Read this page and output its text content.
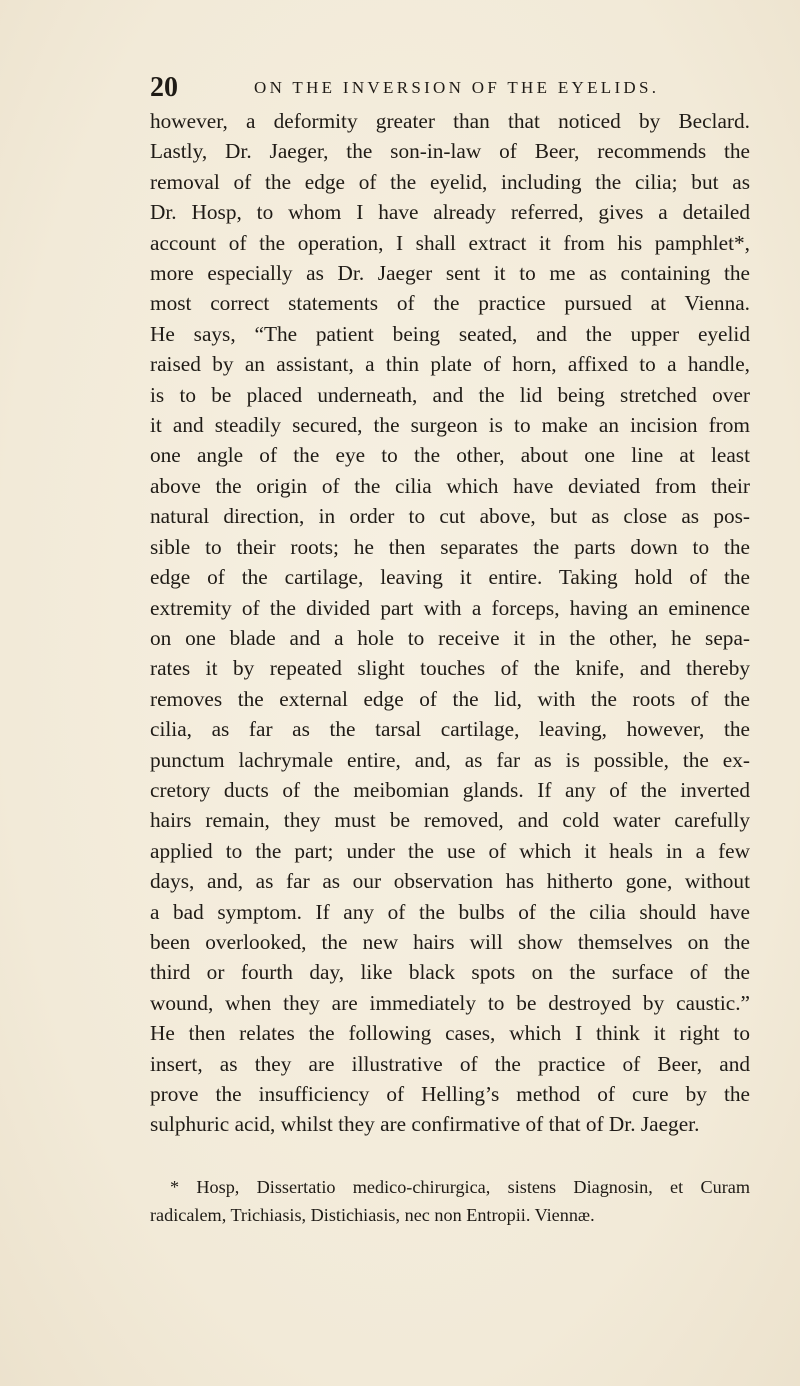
20	ON THE INVERSION OF THE EYELIDS.
however, a deformity greater than that noticed by Beclard.
Lastly, Dr. Jaeger, the son-in-law of Beer, recommends the
removal of the edge of the eyelid, including the cilia; but as
Dr. Hosp, to whom I have already referred, gives a detailed
account of the operation, I shall extract it from his pamphlet*,
more especially as Dr. Jaeger sent it to me as containing the
most correct statements of the practice pursued at Vienna.
He says, “The patient being seated, and the upper eyelid
raised by an assistant, a thin plate of horn, affixed to a handle,
is to be placed underneath, and the lid being stretched over
it and steadily secured, the surgeon is to make an incision from
one angle of the eye to the other, about one line at least
above the origin of the cilia which have deviated from their
natural direction, in order to cut above, but as close as pos-
sible to their roots; he then separates the parts down to the
edge of the cartilage, leaving it entire. Taking hold of the
extremity of the divided part with a forceps, having an eminence
on one blade and a hole to receive it in the other, he sepa-
rates it by repeated slight touches of the knife, and thereby
removes the external edge of the lid, with the roots of the
cilia, as far as the tarsal cartilage, leaving, however, the
punctum lachrymale entire, and, as far as is possible, the ex-
cretory ducts of the meibomian glands. If any of the inverted
hairs remain, they must be removed, and cold water carefully
applied to the part; under the use of which it heals in a few
days, and, as far as our observation has hitherto gone, without
a bad symptom. If any of the bulbs of the cilia should have
been overlooked, the new hairs will show themselves on the
third or fourth day, like black spots on the surface of the
wound, when they are immediately to be destroyed by caustic.”
He then relates the following cases, which I think it right to
insert, as they are illustrative of the practice of Beer, and
prove the insufficiency of Helling’s method of cure by the
sulphuric acid, whilst they are confirmative of that of Dr. Jaeger.
* Hosp, Dissertatio medico-chirurgica, sistens Diagnosin, et Curam
radicalem, Trichiasis, Distichiasis, nec non Entropii. Viennæ.
